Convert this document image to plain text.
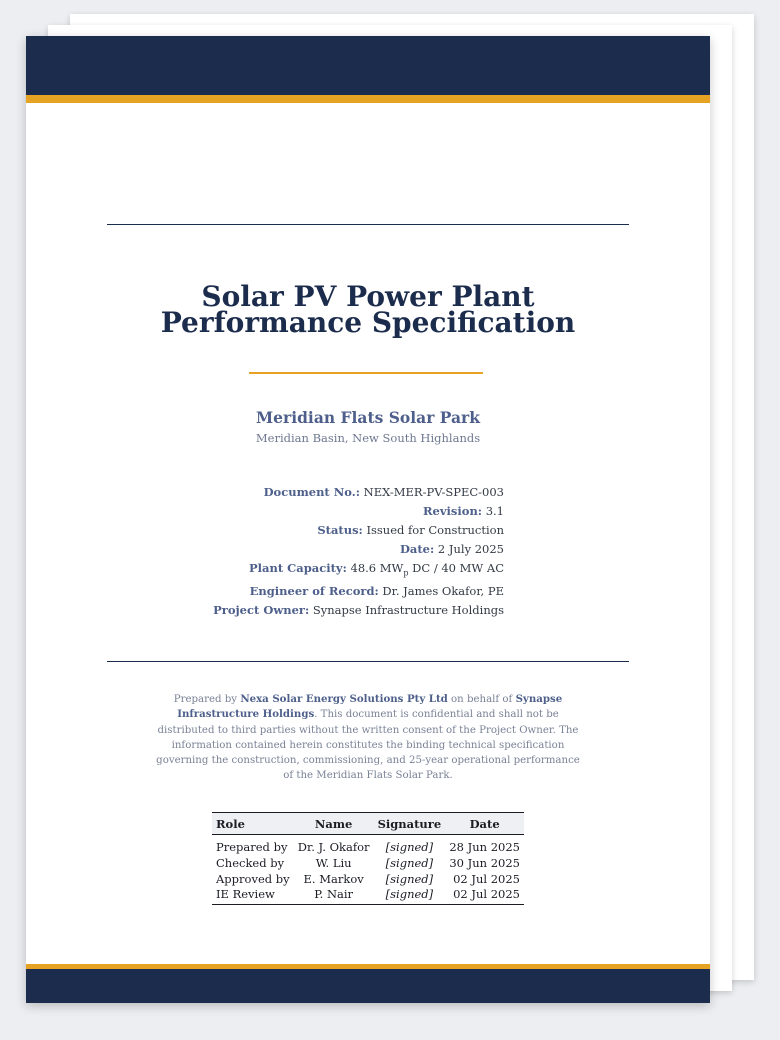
Solar PV Power Plant
Performance Specification
Meridian Flats Solar Park
Meridian Basin, New South Highlands
Document No.: NEX-MER-PV-SPEC-003
Revision: 3.1
Status: Issued for Construction
Date: 2 July 2025
Plant Capacity: 48.6 $MW_p$ DC / 40 MW AC
Engineer of Record: Dr. James Okafor, PE
Project Owner: Synapse Infrastructure Holdings

Prepared by Nexa Solar Energy Solutions Pty Ltd on behalf of Synapse Infrastructure Holdings. This document is confidential and shall not be distributed to third parties without the written consent of the Project Owner. The information contained herein constitutes the binding technical specification governing the construction, commissioning, and 25-year operational performance of the Meridian Flats Solar Park.

Role	Name	Signature	Date
Prepared by	Dr. J. Okafor	[signed]	28 Jun 2025
Checked by	W. Liu	[signed]	30 Jun 2025
Approved by	E. Markov	[signed]	02 Jul 2025
IE Review	P. Nair	[signed]	02 Jul 2025
